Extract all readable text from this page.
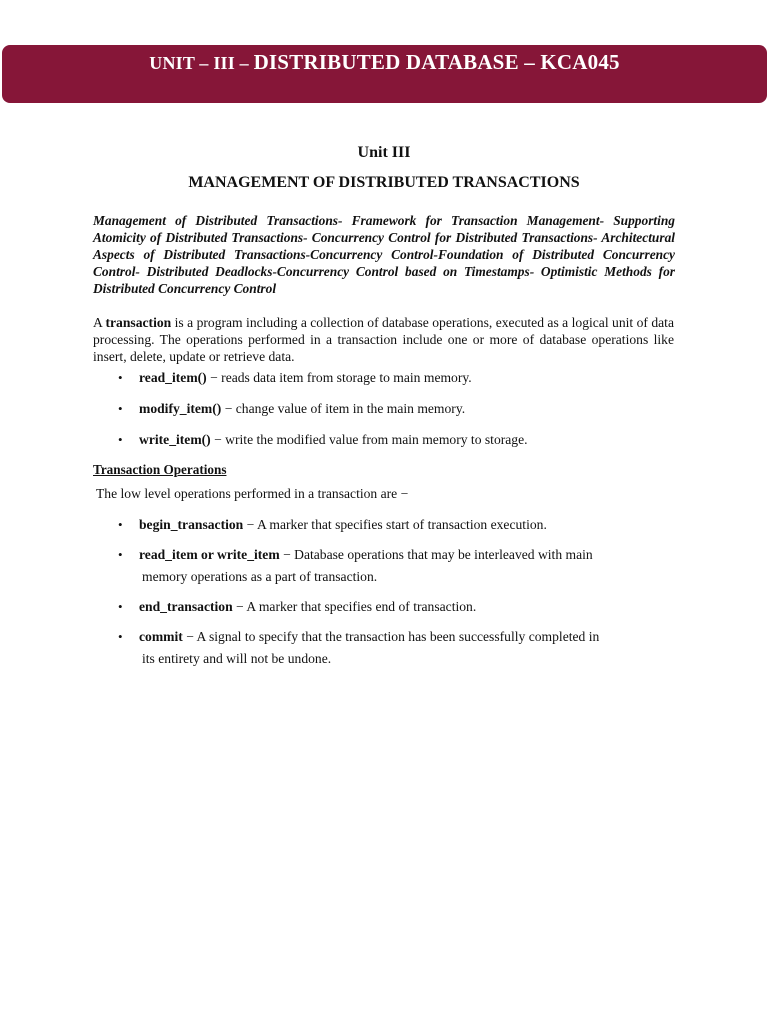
UNIT – III – DISTRIBUTED DATABASE – KCA045
Unit III
MANAGEMENT OF DISTRIBUTED TRANSACTIONS

Management of Distributed Transactions- Framework for Transaction Management- Supporting Atomicity of Distributed Transactions- Concurrency Control for Distributed Transactions- Architectural Aspects of Distributed Transactions-Concurrency Control-Foundation of Distributed Concurrency Control- Distributed Deadlocks-Concurrency Control based on Timestamps- Optimistic Methods for Distributed Concurrency Control

A transaction is a program including a collection of database operations, executed as a logical unit of data processing. The operations performed in a transaction include one or more of database operations like insert, delete, update or retrieve data.

• read_item() − reads data item from storage to main memory.
• modify_item() − change value of item in the main memory.
• write_item() − write the modified value from main memory to storage.
Transaction Operations
The low level operations performed in a transaction are −
• begin_transaction − A marker that specifies start of transaction execution.
• read_item or write_item − Database operations that may be interleaved with main
memory operations as a part of transaction.
• end_transaction − A marker that specifies end of transaction.
• commit − A signal to specify that the transaction has been successfully completed in
its entirety and will not be undone.
